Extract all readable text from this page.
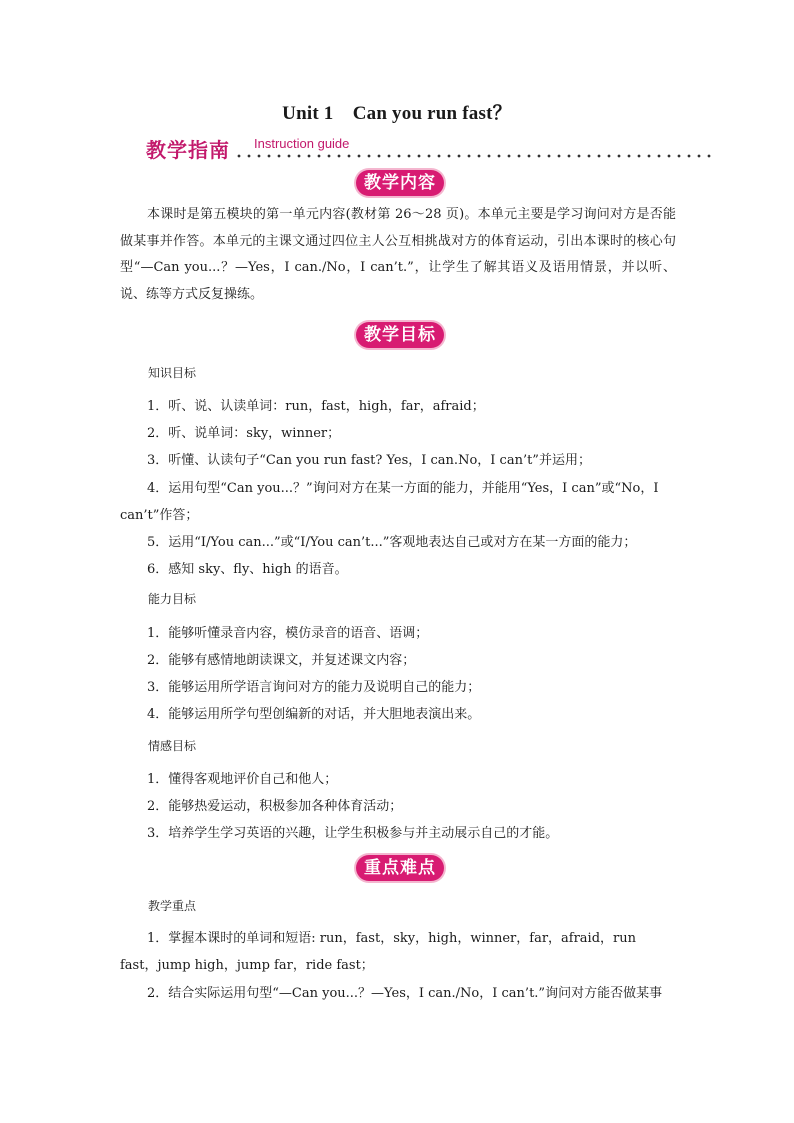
Unit 1 Can you run fast？
教学指南 Instruction guide
教学内容
本课时是第五模块的第一单元内容(教材第 26～28 页)。本单元主要是学习询问对方是否能做某事并作答。本单元的主课文通过四位主人公互相挑战对方的体育运动，引出本课时的核心句型“—Can you...？—Yes，I can./No，I can’t.”，让学生了解其语义及语用情景，并以听、说、练等方式反复操练。
教学目标
知识目标
1．听、说、认读单词：run，fast，high，far，afraid；
2．听、说单词：sky，winner；
3．听懂、认读句子“Can you run fast? Yes，I can.No，I can’t”并运用；
4．运用句型“Can you...？”询问对方在某一方面的能力，并能用“Yes，I can”或“No，I can’t”作答；
5．运用“I/You can...”或“I/You can’t...”客观地表达自己或对方在某一方面的能力；
6．感知 sky、fly、high 的语音。
能力目标
1．能够听懂录音内容，模仿录音的语音、语调；
2．能够有感情地朗读课文，并复述课文内容；
3．能够运用所学语言询问对方的能力及说明自己的能力；
4．能够运用所学句型创编新的对话，并大胆地表演出来。
情感目标
1．懂得客观地评价自己和他人；
2．能够热爱运动，积极参加各种体育活动；
3．培养学生学习英语的兴趣，让学生积极参与并主动展示自己的才能。
重点难点
教学重点
1．掌握本课时的单词和短语: run，fast，sky，high，winner，far，afraid，run fast，jump high，jump far，ride fast；
2．结合实际运用句型“—Can you...？—Yes，I can./No，I can’t.”询问对方能否做某事
